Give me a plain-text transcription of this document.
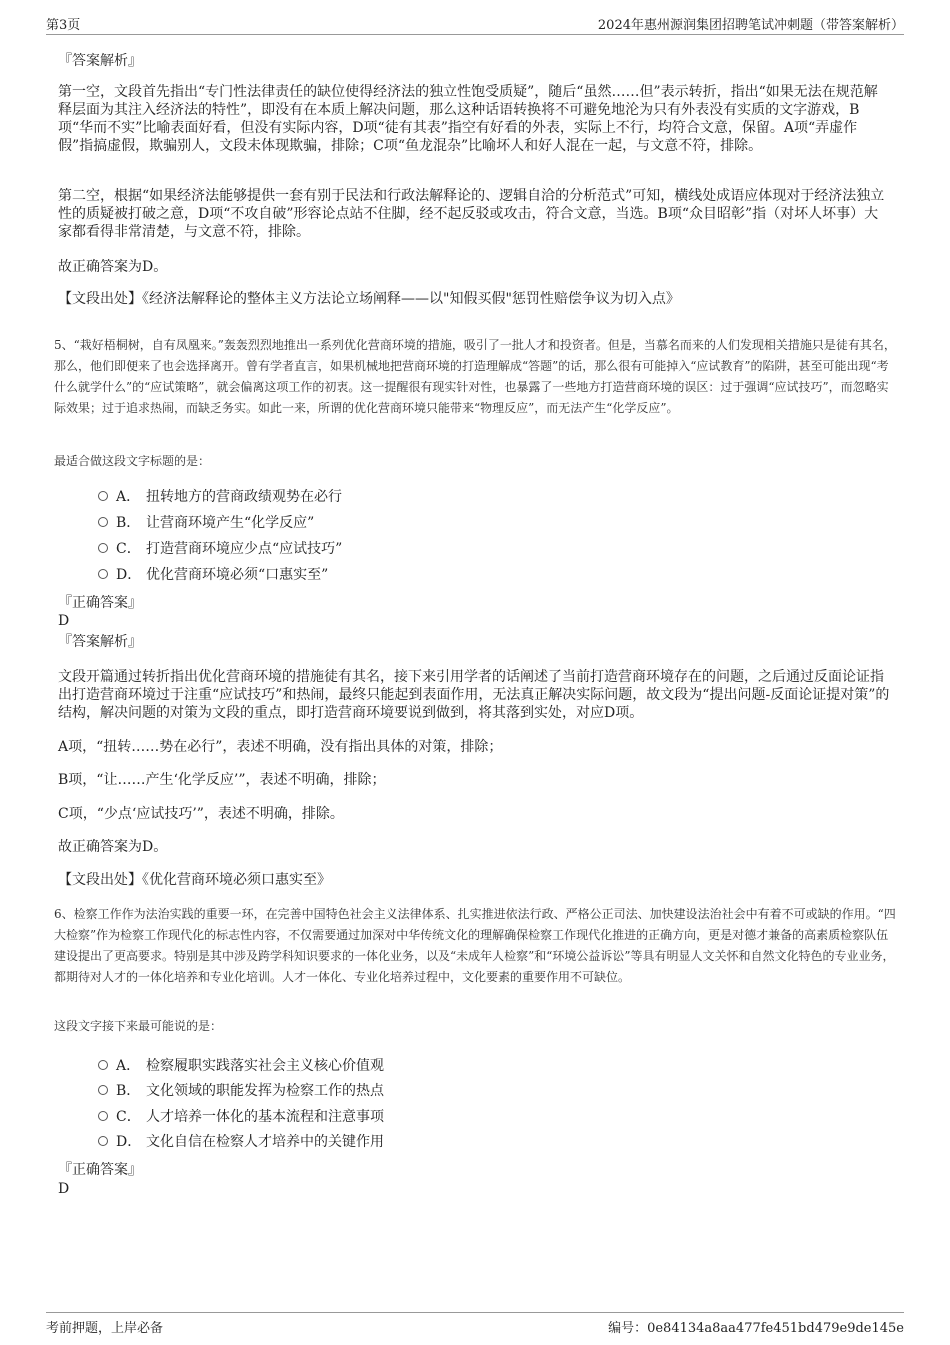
第3页	2024年惠州源润集团招聘笔试冲刺题（带答案解析）

『答案解析』

第一空，文段首先指出“专门性法律责任的缺位使得经济法的独立性饱受质疑”，随后“虽然……但”表示转折，指出“如果无法在规范解释层面为其注入经济法的特性”，即没有在本质上解决问题，那么这种话语转换将不可避免地沦为只有外表没有实质的文字游戏，B项“华而不实”比喻表面好看，但没有实际内容，D项“徒有其表”指空有好看的外表，实际上不行，均符合文意，保留。A项“弄虚作假”指搞虚假，欺骗别人，文段未体现欺骗，排除；C项“鱼龙混杂”比喻坏人和好人混在一起，与文意不符，排除。

第二空，根据“如果经济法能够提供一套有别于民法和行政法解释论的、逻辑自洽的分析范式”可知，横线处成语应体现对于经济法独立性的质疑被打破之意，D项“不攻自破”形容论点站不住脚，经不起反驳或攻击，符合文意，当选。B项“众目昭彰”指（对坏人坏事）大家都看得非常清楚，与文意不符，排除。

故正确答案为D。

【文段出处】《经济法解释论的整体主义方法论立场阐释——以"知假买假"惩罚性赔偿争议为切入点》

5、“栽好梧桐树，自有凤凰来。”轰轰烈烈地推出一系列优化营商环境的措施，吸引了一批人才和投资者。但是，当慕名而来的人们发现相关措施只是徒有其名，那么，他们即便来了也会选择离开。曾有学者直言，如果机械地把营商环境的打造理解成“答题”的话，那么很有可能掉入“应试教育”的陷阱，甚至可能出现“考什么就学什么”的“应试策略”，就会偏离这项工作的初衷。这一提醒很有现实针对性，也暴露了一些地方打造营商环境的误区：过于强调“应试技巧”，而忽略实际效果；过于追求热闹，而缺乏务实。如此一来，所谓的优化营商环境只能带来“物理反应”，而无法产生“化学反应”。

最适合做这段文字标题的是：

A． 扭转地方的营商政绩观势在必行
B． 让营商环境产生“化学反应”
C． 打造营商环境应少点“应试技巧”
D． 优化营商环境必须“口惠实至”

『正确答案』

D

『答案解析』

文段开篇通过转折指出优化营商环境的措施徒有其名，接下来引用学者的话阐述了当前打造营商环境存在的问题，之后通过反面论证指出打造营商环境过于注重“应试技巧”和热闹，最终只能起到表面作用，无法真正解决实际问题，故文段为“提出问题-反面论证提对策”的结构，解决问题的对策为文段的重点，即打造营商环境要说到做到，将其落到实处，对应D项。

A项，“扭转……势在必行”，表述不明确，没有指出具体的对策，排除；

B项，“让……产生‘化学反应’”，表述不明确，排除；

C项，“少点‘应试技巧’”，表述不明确，排除。

故正确答案为D。

【文段出处】《优化营商环境必须口惠实至》

6、检察工作作为法治实践的重要一环，在完善中国特色社会主义法律体系、扎实推进依法行政、严格公正司法、加快建设法治社会中有着不可或缺的作用。“四大检察”作为检察工作现代化的标志性内容，不仅需要通过加深对中华传统文化的理解确保检察工作现代化推进的正确方向，更是对德才兼备的高素质检察队伍建设提出了更高要求。特别是其中涉及跨学科知识要求的一体化业务，以及“未成年人检察”和“环境公益诉讼”等具有明显人文关怀和自然文化特色的专业业务，都期待对人才的一体化培养和专业化培训。人才一体化、专业化培养过程中，文化要素的重要作用不可缺位。

这段文字接下来最可能说的是：

A． 检察履职实践落实社会主义核心价值观
B． 文化领域的职能发挥为检察工作的热点
C． 人才培养一体化的基本流程和注意事项
D． 文化自信在检察人才培养中的关键作用

『正确答案』

D

考前押题，上岸必备	编号：0e84134a8aa477fe451bd479e9de145e
